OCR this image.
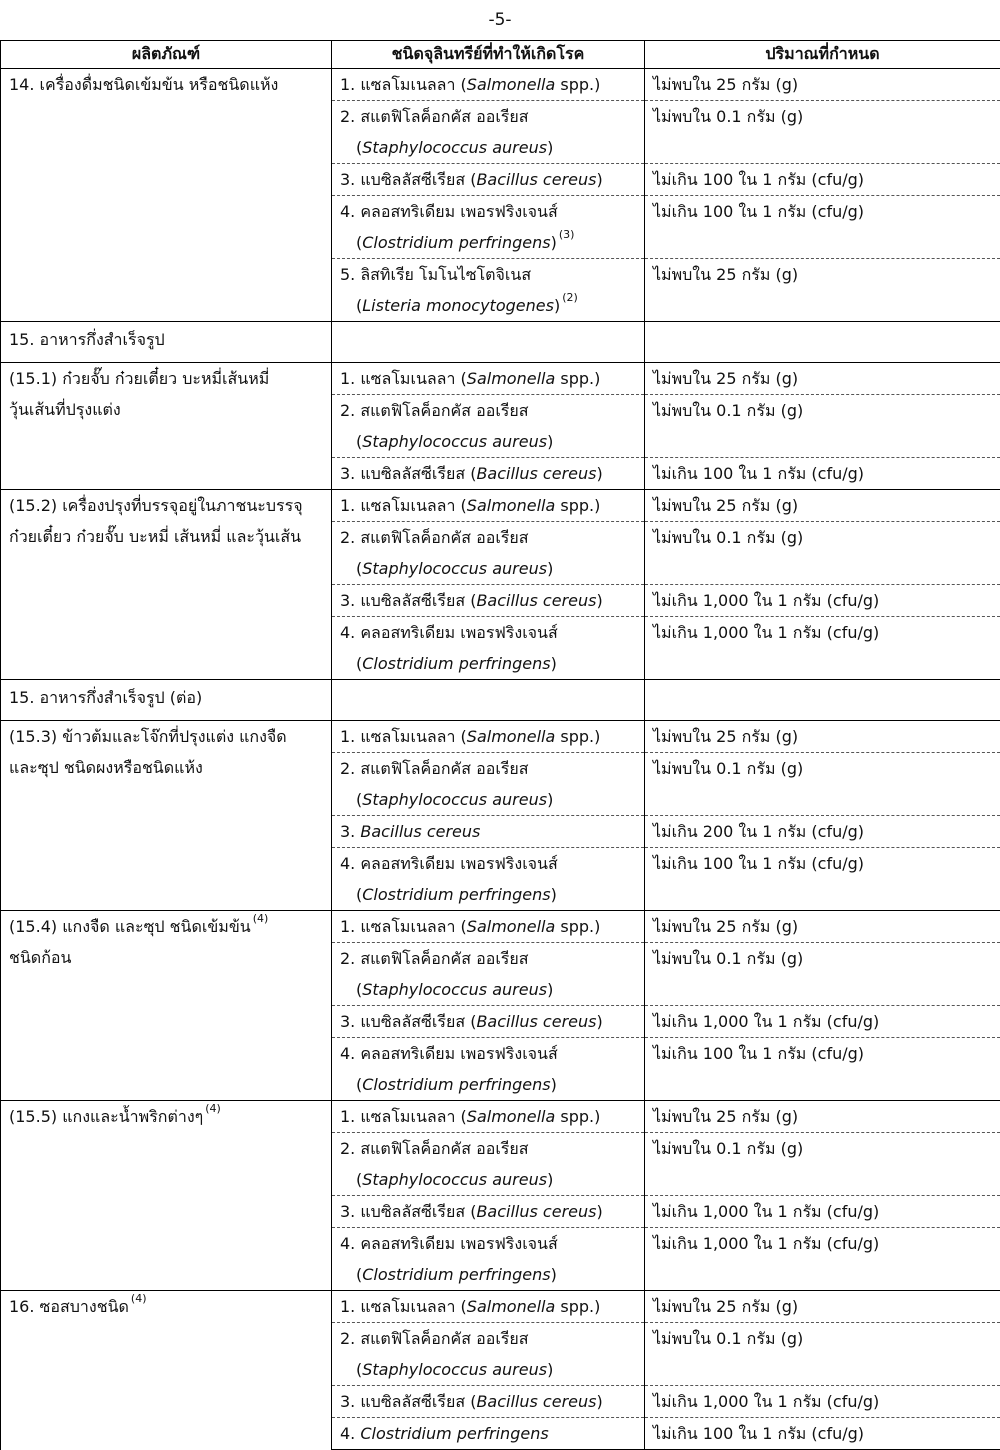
-5-
ผลิตภัณฑ์	ชนิดจุลินทรีย์ที่ทำให้เกิดโรค	ปริมาณที่กำหนด

14. เครื่องดื่มชนิดเข้มข้น หรือชนิดแห้ง	1. แซลโมเนลลา (Salmonella spp.)	ไม่พบใน 25 กรัม (g)

	2. สแตฟิโลค็อกคัส ออเรียส
(Staphylococcus aureus)	ไม่พบใน 0.1 กรัม (g)

	3. แบซิลลัสซีเรียส (Bacillus cereus)	ไม่เกิน 100 ใน 1 กรัม (cfu/g)

	4. คลอสทริเดียม เพอรฟริงเจนส์
(Clostridium perfringens) $^{(3)}$	ไม่เกิน 100 ใน 1 กรัม (cfu/g)

	5. ลิสทิเรีย โมโนไซโตจิเนส
(Listeria monocytogenes) $^{(2)}$	ไม่พบใน 25 กรัม (g)

15. อาหารกึ่งสำเร็จรูป		

(15.1) ก๋วยจั๊บ ก๋วยเตี๋ยว บะหมี่เส้นหมี่
วุ้นเส้นที่ปรุงแต่ง	1. แซลโมเนลลา (Salmonella spp.)	ไม่พบใน 25 กรัม (g)

	2. สแตฟิโลค็อกคัส ออเรียส
(Staphylococcus aureus)	ไม่พบใน 0.1 กรัม (g)

	3. แบซิลลัสซีเรียส (Bacillus cereus)	ไม่เกิน 100 ใน 1 กรัม (cfu/g)

(15.2) เครื่องปรุงที่บรรจุอยู่ในภาชนะบรรจุ
ก๋วยเตี๋ยว ก๋วยจั๊บ บะหมี่ เส้นหมี่ และวุ้นเส้น	1. แซลโมเนลลา (Salmonella spp.)	ไม่พบใน 25 กรัม (g)

	2. สแตฟิโลค็อกคัส ออเรียส
(Staphylococcus aureus)	ไม่พบใน 0.1 กรัม (g)

	3. แบซิลลัสซีเรียส (Bacillus cereus)	ไม่เกิน 1,000 ใน 1 กรัม (cfu/g)

	4. คลอสทริเดียม เพอรฟริงเจนส์
(Clostridium perfringens)	ไม่เกิน 1,000 ใน 1 กรัม (cfu/g)

15. อาหารกึ่งสำเร็จรูป (ต่อ)		

(15.3) ข้าวต้มและโจ๊กที่ปรุงแต่ง แกงจืด
และซุป ชนิดผงหรือชนิดแห้ง	1. แซลโมเนลลา (Salmonella spp.)	ไม่พบใน 25 กรัม (g)

	2. สแตฟิโลค็อกคัส ออเรียส
(Staphylococcus aureus)	ไม่พบใน 0.1 กรัม (g)

	3. Bacillus cereus	ไม่เกิน 200 ใน 1 กรัม (cfu/g)

	4. คลอสทริเดียม เพอรฟริงเจนส์
(Clostridium perfringens)	ไม่เกิน 100 ใน 1 กรัม (cfu/g)

(15.4) แกงจืด และซุป ชนิดเข้มข้น $^{(4)}$
ชนิดก้อน	1. แซลโมเนลลา (Salmonella spp.)	ไม่พบใน 25 กรัม (g)

	2. สแตฟิโลค็อกคัส ออเรียส
(Staphylococcus aureus)	ไม่พบใน 0.1 กรัม (g)

	3. แบซิลลัสซีเรียส (Bacillus cereus)	ไม่เกิน 1,000 ใน 1 กรัม (cfu/g)

	4. คลอสทริเดียม เพอรฟริงเจนส์
(Clostridium perfringens)	ไม่เกิน 100 ใน 1 กรัม (cfu/g)

(15.5) แกงและน้ำพริกต่างๆ $^{(4)}$	1. แซลโมเนลลา (Salmonella spp.)	ไม่พบใน 25 กรัม (g)

	2. สแตฟิโลค็อกคัส ออเรียส
(Staphylococcus aureus)	ไม่พบใน 0.1 กรัม (g)

	3. แบซิลลัสซีเรียส (Bacillus cereus)	ไม่เกิน 1,000 ใน 1 กรัม (cfu/g)

	4. คลอสทริเดียม เพอรฟริงเจนส์
(Clostridium perfringens)	ไม่เกิน 1,000 ใน 1 กรัม (cfu/g)

16. ซอสบางชนิด $^{(4)}$	1. แซลโมเนลลา (Salmonella spp.)	ไม่พบใน 25 กรัม (g)

	2. สแตฟิโลค็อกคัส ออเรียส
(Staphylococcus aureus)	ไม่พบใน 0.1 กรัม (g)

	3. แบซิลลัสซีเรียส (Bacillus cereus)	ไม่เกิน 1,000 ใน 1 กรัม (cfu/g)

	4. Clostridium perfringens	ไม่เกิน 100 ใน 1 กรัม (cfu/g)
